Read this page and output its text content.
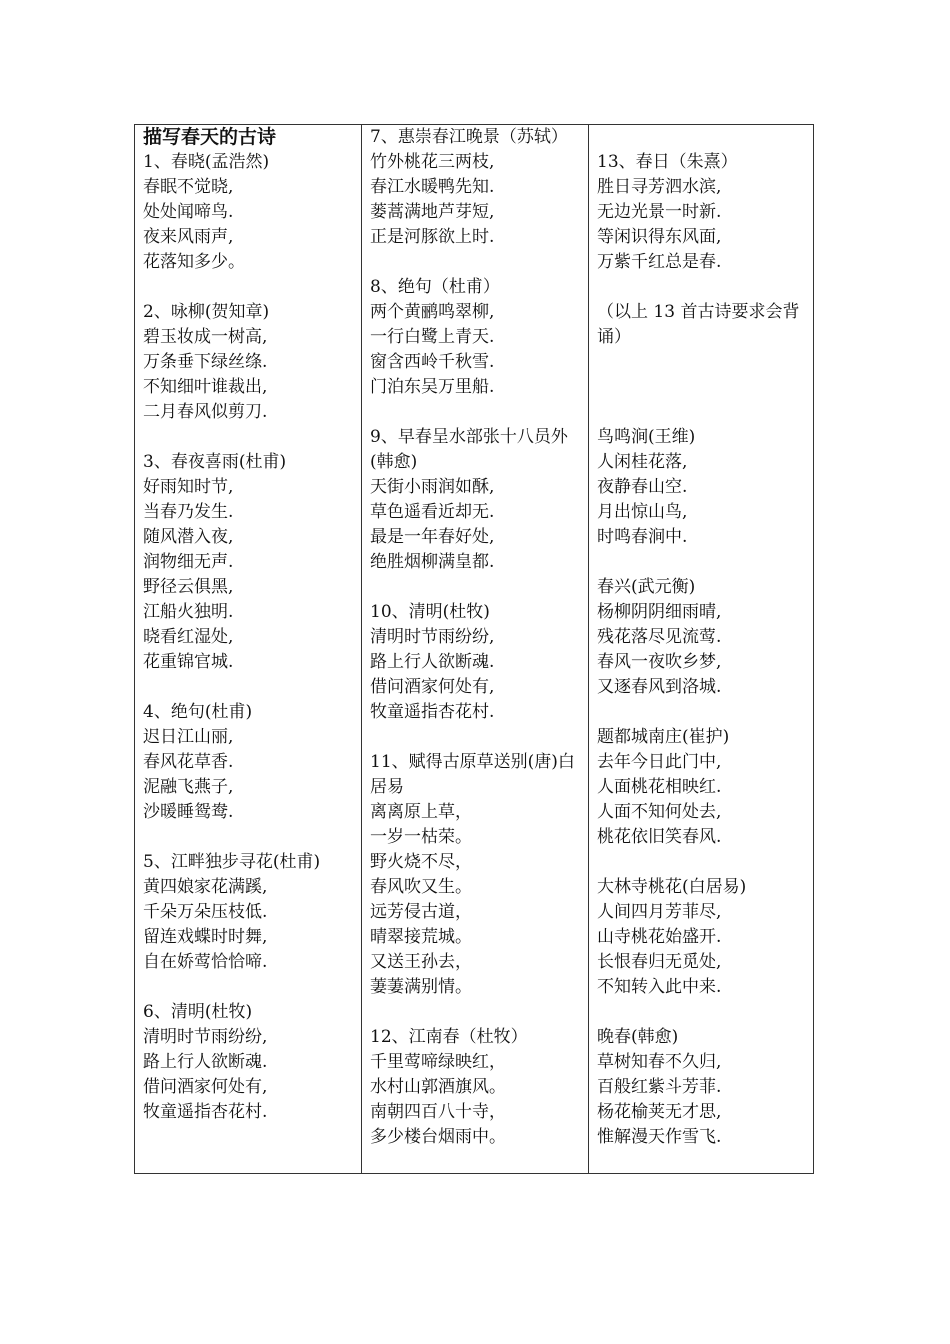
描写春天的古诗
1、春晓(孟浩然)
春眠不觉晓,
处处闻啼鸟.
夜来风雨声,
花落知多少。
2、咏柳(贺知章)
碧玉妆成一树高,
万条垂下绿丝绦.
不知细叶谁裁出,
二月春风似剪刀.
3、春夜喜雨(杜甫)
好雨知时节,
当春乃发生.
随风潜入夜,
润物细无声.
野径云俱黑,
江船火独明.
晓看红湿处,
花重锦官城.
4、绝句(杜甫)
迟日江山丽,
春风花草香.
泥融飞燕子,
沙暖睡鸳鸯.
5、江畔独步寻花(杜甫)
黄四娘家花满蹊,
千朵万朵压枝低.
留连戏蝶时时舞,
自在娇莺恰恰啼.
6、清明(杜牧)
清明时节雨纷纷,
路上行人欲断魂.
借问酒家何处有,
牧童遥指杏花村.
7、惠崇春江晚景（苏轼）
竹外桃花三两枝,
春江水暖鸭先知.
蒌蒿满地芦芽短,
正是河豚欲上时.
8、绝句（杜甫）
两个黄鹂鸣翠柳,
一行白鹭上青天.
窗含西岭千秋雪.
门泊东吴万里船.
9、早春呈水部张十八员外(韩愈)
天街小雨润如酥,
草色遥看近却无.
最是一年春好处,
绝胜烟柳满皇都.
10、清明(杜牧)
清明时节雨纷纷,
路上行人欲断魂.
借问酒家何处有,
牧童遥指杏花村.
11、赋得古原草送别(唐)白居易
离离原上草，
一岁一枯荣。
野火烧不尽，
春风吹又生。
远芳侵古道，
晴翠接荒城。
又送王孙去，
萋萋满别情。
12、江南春（杜牧）
千里莺啼绿映红，
水村山郭酒旗风。
南朝四百八十寺，
多少楼台烟雨中。
13、春日（朱熹）
胜日寻芳泗水滨,
无边光景一时新.
等闲识得东风面,
万紫千红总是春.
（以上 13 首古诗要求会背诵）
鸟鸣涧(王维)
人闲桂花落,
夜静春山空.
月出惊山鸟,
时鸣春涧中.
春兴(武元衡)
杨柳阴阴细雨晴,
残花落尽见流莺.
春风一夜吹乡梦,
又逐春风到洛城.
题都城南庄(崔护)
去年今日此门中,
人面桃花相映红.
人面不知何处去,
桃花依旧笑春风.
大林寺桃花(白居易)
人间四月芳菲尽,
山寺桃花始盛开.
长恨春归无觅处,
不知转入此中来.
晚春(韩愈)
草树知春不久归,
百般红紫斗芳菲.
杨花榆荚无才思,
惟解漫天作雪飞.
